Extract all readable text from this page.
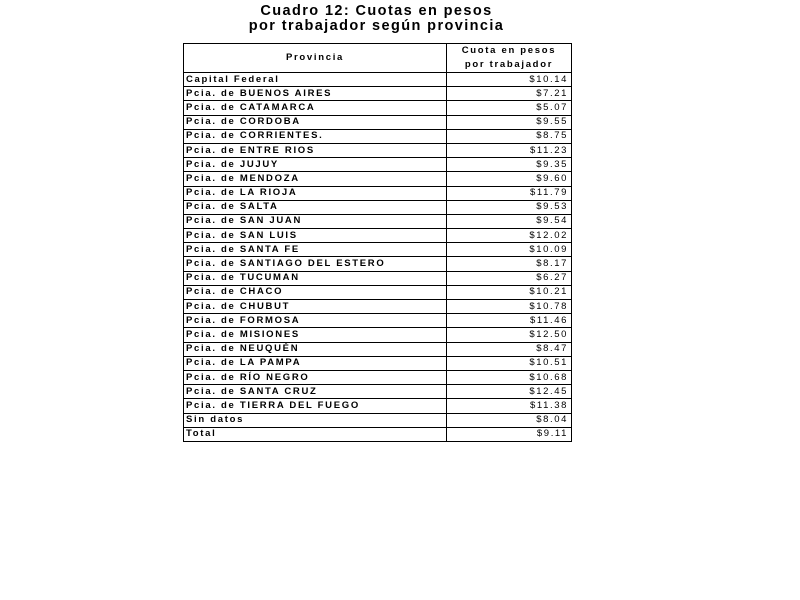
Cuadro 12: Cuotas en pesos
por trabajador según provincia
Provincia	Cuota en pesos
por trabajador
Capital Federal	$10.14
Pcia. de BUENOS AIRES	$7.21
Pcia. de CATAMARCA	$5.07
Pcia. de CORDOBA	$9.55
Pcia. de CORRIENTES.	$8.75
Pcia. de ENTRE RIOS	$11.23
Pcia. de JUJUY	$9.35
Pcia. de MENDOZA	$9.60
Pcia. de LA RIOJA	$11.79
Pcia. de SALTA	$9.53
Pcia. de SAN JUAN	$9.54
Pcia. de SAN LUIS	$12.02
Pcia. de SANTA FE	$10.09
Pcia. de SANTIAGO DEL ESTERO	$8.17
Pcia. de TUCUMAN	$6.27
Pcia. de CHACO	$10.21
Pcia. de CHUBUT	$10.78
Pcia. de FORMOSA	$11.46
Pcia. de MISIONES	$12.50
Pcia. de NEUQUÉN	$8.47
Pcia. de LA PAMPA	$10.51
Pcia. de RÍO NEGRO	$10.68
Pcia. de SANTA CRUZ	$12.45
Pcia. de TIERRA DEL FUEGO	$11.38
Sin datos	$8.04
Total	$9.11
